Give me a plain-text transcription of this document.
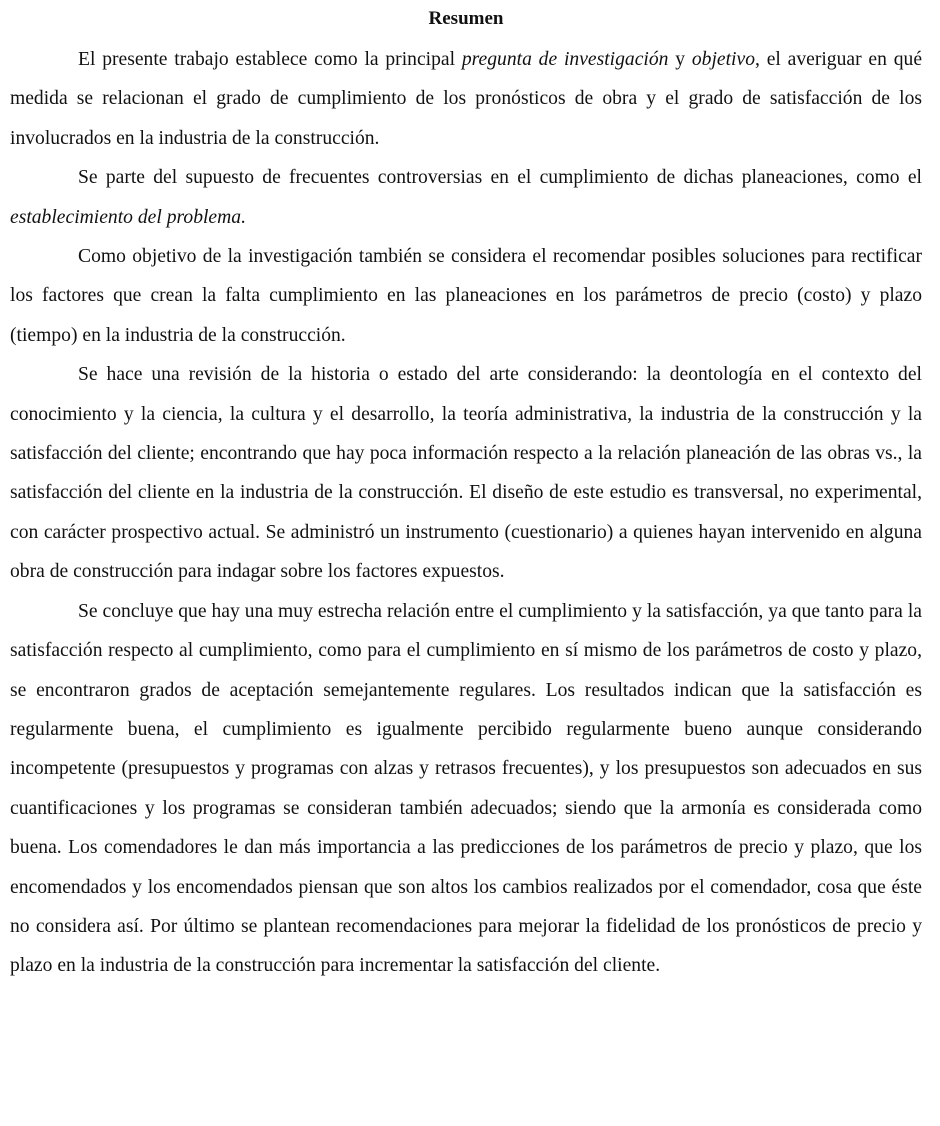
Resumen

El presente trabajo establece como la principal pregunta de investigación y objetivo, el averiguar en qué medida se relacionan el grado de cumplimiento de los pronósticos de obra y el grado de satisfacción de los involucrados en la industria de la construcción.

Se parte del supuesto de frecuentes controversias en el cumplimiento de dichas planeaciones, como el establecimiento del problema.

Como objetivo de la investigación también se considera el recomendar posibles soluciones para rectificar los factores que crean la falta cumplimiento en las planeaciones en los parámetros de precio (costo) y plazo (tiempo) en la industria de la construcción.

Se hace una revisión de la historia o estado del arte considerando: la deontología en el contexto del conocimiento y la ciencia, la cultura y el desarrollo, la teoría administrativa, la industria de la construcción y la satisfacción del cliente; encontrando que hay poca información respecto a la relación planeación de las obras vs., la satisfacción del cliente en la industria de la construcción. El diseño de este estudio es transversal, no experimental, con carácter prospectivo actual. Se administró un instrumento (cuestionario) a quienes hayan intervenido en alguna obra de construcción para indagar sobre los factores expuestos.

Se concluye que hay una muy estrecha relación entre el cumplimiento y la satisfacción, ya que tanto para la satisfacción respecto al cumplimiento, como para el cumplimiento en sí mismo de los parámetros de costo y plazo, se encontraron grados de aceptación semejantemente regulares. Los resultados indican que la satisfacción es regularmente buena, el cumplimiento es igualmente percibido regularmente bueno aunque considerando incompetente (presupuestos y programas con alzas y retrasos frecuentes), y los presupuestos son adecuados en sus cuantificaciones y los programas se consideran también adecuados; siendo que la armonía es considerada como buena. Los comendadores le dan más importancia a las predicciones de los parámetros de precio y plazo, que los encomendados y los encomendados piensan que son altos los cambios realizados por el comendador, cosa que éste no considera así. Por último se plantean recomendaciones para mejorar la fidelidad de los pronósticos de precio y plazo en la industria de la construcción para incrementar la satisfacción del cliente.
